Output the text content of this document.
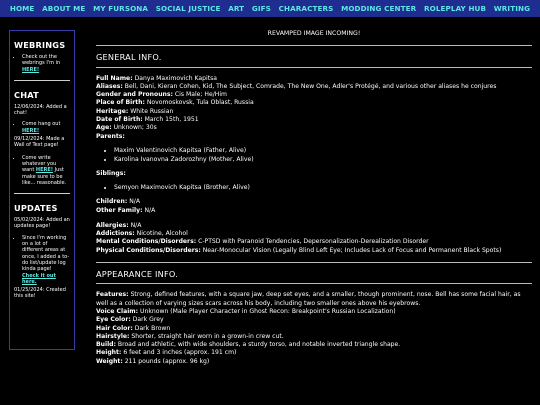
HOME ABOUT ME MY FURSONA SOCIAL JUSTICE ART GIFS CHARACTERS MODDING CENTER ROLEPLAY HUB WRITING
WEBRINGS
• Check out the webrings I'm in HERE!
CHAT
12/06/2024: Added a chat!
• Come hang out HERE!
09/12/2024: Made a Wall of Text page!
• Come write whatever you want HERE! Just make sure to be like... reasonable.
UPDATES
05/02/2024: Added an updates page!
• Since I'm working on a lot of different areas at once, I added a to-do list/update log kinda page! Check it out here.
01/25/2024: Created this site!
REVAMPED IMAGE INCOMING!
GENERAL INFO.
Full Name: Danya Maximovich Kapitsa
Aliases: Bell, Dani, Kieran Cohen, Kid, The Subject, Comrade, The New One, Adler's Protégé, and various other aliases he conjures
Gender and Pronouns: Cis Male; He/Him
Place of Birth: Novomoskovsk, Tula Oblast, Russia
Heritage: White Russian
Date of Birth: March 15th, 1951
Age: Unknown; 30s
Parents:
• Maxim Valentinovich Kapitsa (Father, Alive)
• Karolina Ivanovna Zadorozhny (Mother, Alive)
Siblings:
• Semyon Maximovich Kapitsa (Brother, Alive)
Children: N/A
Other Family: N/A
Allergies: N/A
Addictions: Nicotine, Alcohol
Mental Conditions/Disorders: C-PTSD with Paranoid Tendencies, Depersonalization-Derealization Disorder
Physical Conditions/Disorders: Near-Monocular Vision (Legally Blind Left Eye; Includes Lack of Focus and Permanent Black Spots)
APPEARANCE INFO.
Features: Strong, defined features, with a square jaw, deep set eyes, and a smaller, though prominent, nose. Bell has some facial hair, as well as a collection of varying sizes scars across his body, including two smaller ones above his eyebrows.
Voice Claim: Unknown (Male Player Character in Ghost Recon: Breakpoint's Russian Localization)
Eye Color: Dark Grey
Hair Color: Dark Brown
Hairstyle: Shorter, straight hair worn in a grown-in crew cut.
Build: Broad and athletic, with wide shoulders, a sturdy torso, and notable inverted triangle shape.
Height: 6 feet and 3 inches (approx. 191 cm)
Weight: 211 pounds (approx. 96 kg)
